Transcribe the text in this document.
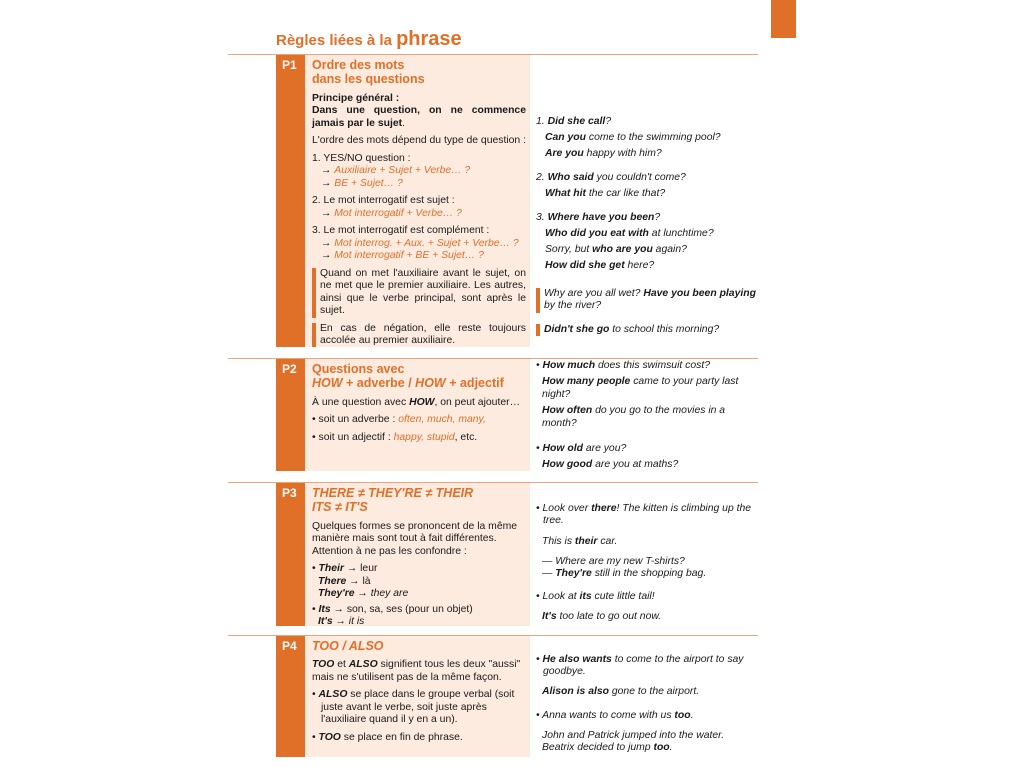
Règles liées à la phrase
P1	Ordre des mots
dans les questions

Principe général :
Dans une question, on ne commence jamais par le sujet.

L'ordre des mots dépend du type de question :

1. YES/NO question :
→ Auxiliaire + Sujet + Verbe… ?
→ BE + Sujet… ?

2. Le mot interrogatif est sujet :
→ Mot interrogatif + Verbe… ?

3. Le mot interrogatif est complément :
→ Mot interrog. + Aux. + Sujet + Verbe… ?
→ Mot interrogatif + BE + Sujet… ?

Quand on met l'auxiliaire avant le sujet, on ne met que le premier auxiliaire. Les autres, ainsi que le verbe principal, sont après le sujet.
En cas de négation, elle reste toujours accolée au premier auxiliaire.
1. Did she call?
Can you come to the swimming pool?
Are you happy with him?
2. Who said you couldn't come?
What hit the car like that?
3. Where have you been?
Who did you eat with at lunchtime?
Sorry, but who are you again?
How did she get here?
Why are you all wet? Have you been playing by the river?
Didn't she go to school this morning?
P2	Questions avec
HOW + adverbe / HOW + adjectif

À une question avec HOW, on peut ajouter…

• soit un adverbe : often, much, many,

• soit un adjectif : happy, stupid, etc.

• How much does this swimsuit cost?
How many people came to your party last night?
How often do you go to the movies in a month?
• How old are you?
How good are you at maths?
P3	THERE ≠ THEY'RE ≠ THEIR
ITS ≠ IT'S

Quelques formes se prononcent de la même manière mais sont tout à fait différentes. Attention à ne pas les confondre :

• Their → leur
There → là
They're → they are

• Its → son, sa, ses (pour un objet)
It's → it is

• Look over there! The kitten is climbing up the tree.
This is their car.
— Where are my new T-shirts?
— They're still in the shopping bag.
• Look at its cute little tail!
It's too late to go out now.
P4	TOO / ALSO

TOO et ALSO signifient tous les deux "aussi" mais ne s'utilisent pas de la même façon.

• ALSO se place dans le groupe verbal (soit juste avant le verbe, soit juste après l'auxiliaire quand il y en a un).

• TOO se place en fin de phrase.

• He also wants to come to the airport to say goodbye.
Alison is also gone to the airport.
• Anna wants to come with us too.
John and Patrick jumped into the water. Beatrix decided to jump too.
